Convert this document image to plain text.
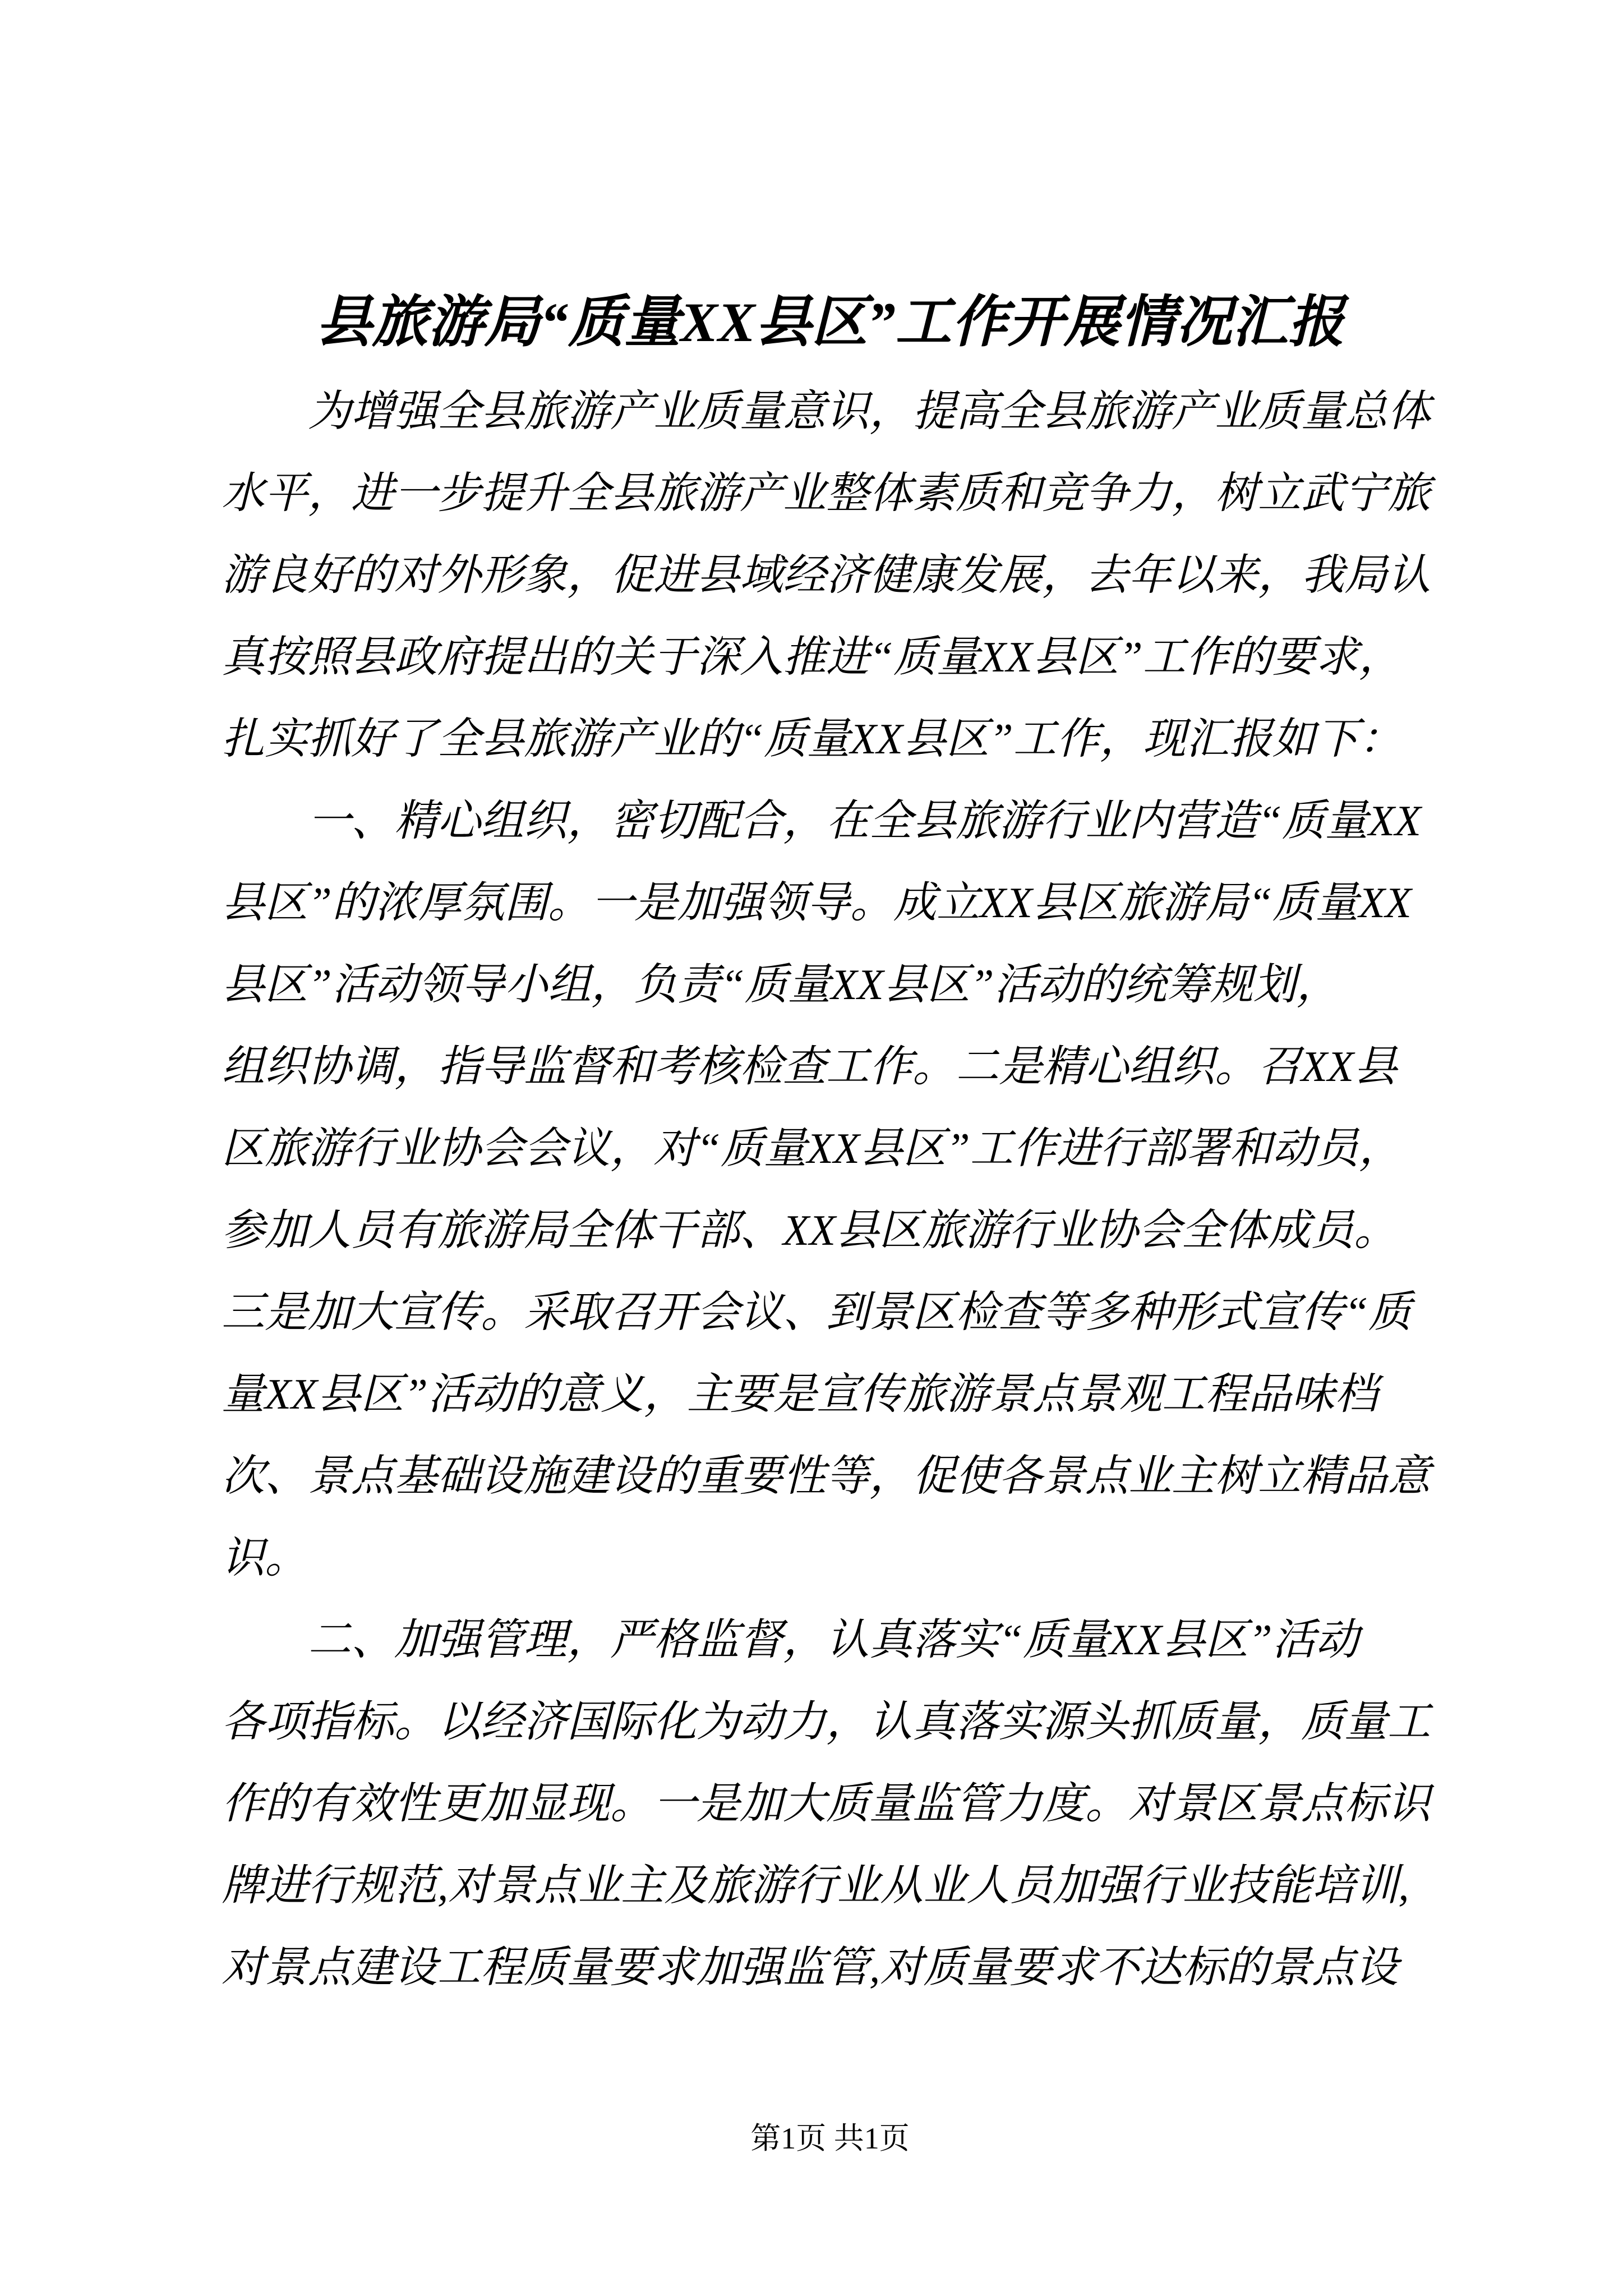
县旅游局“质量XX县区”工作开展情况汇报
为增强全县旅游产业质量意识，提高全县旅游产业质量总体
水平，进一步提升全县旅游产业整体素质和竞争力，树立武宁旅
游良好的对外形象，促进县域经济健康发展，去年以来，我局认
真按照县政府提出的关于深入推进“质量XX县区”工作的要求，
扎实抓好了全县旅游产业的“质量XX县区”工作，现汇报如下：
一、精心组织，密切配合，在全县旅游行业内营造“质量XX
县区”的浓厚氛围。一是加强领导。成立XX县区旅游局“质量XX
县区”活动领导小组，负责“质量XX县区”活动的统筹规划，
组织协调，指导监督和考核检查工作。二是精心组织。召XX县
区旅游行业协会会议，对“质量XX县区”工作进行部署和动员，
参加人员有旅游局全体干部、XX县区旅游行业协会全体成员。
三是加大宣传。采取召开会议、到景区检查等多种形式宣传“质
量XX县区”活动的意义，主要是宣传旅游景点景观工程品味档
次、景点基础设施建设的重要性等，促使各景点业主树立精品意
识。
二、加强管理，严格监督，认真落实“质量XX县区”活动
各项指标。以经济国际化为动力，认真落实源头抓质量，质量工
作的有效性更加显现。一是加大质量监管力度。对景区景点标识
牌进行规范,对景点业主及旅游行业从业人员加强行业技能培训,
对景点建设工程质量要求加强监管,对质量要求不达标的景点设
第1页 共1页
